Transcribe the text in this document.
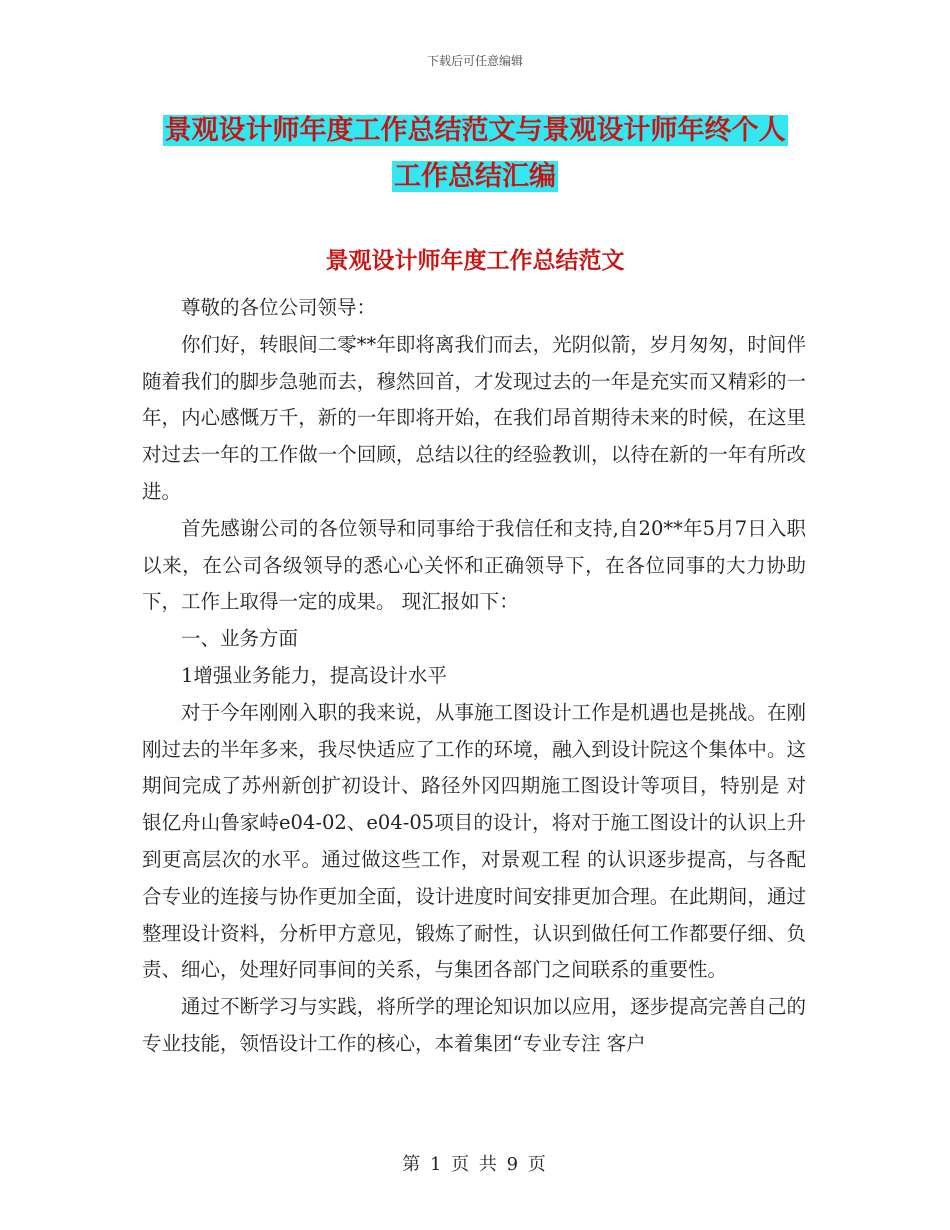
下载后可任意编辑
景观设计师年度工作总结范文与景观设计师年终个人
工作总结汇编
景观设计师年度工作总结范文

尊敬的各位公司领导：

你们好，转眼间二零**年即将离我们而去，光阴似箭，岁月匆匆，时间伴随着我们的脚步急驰而去，穆然回首，才发现过去的一年是充实而又精彩的一年，内心感慨万千，新的一年即将开始，在我们昂首期待未来的时候，在这里对过去一年的工作做一个回顾，总结以往的经验教训，以待在新的一年有所改进。

首先感谢公司的各位领导和同事给于我信任和支持,自20**年5月7日入职以来，在公司各级领导的悉心心关怀和正确领导下，在各位同事的大力协助下，工作上取得一定的成果。 现汇报如下：

一、业务方面

1增强业务能力，提高设计水平

对于今年刚刚入职的我来说，从事施工图设计工作是机遇也是挑战。在刚刚过去的半年多来，我尽快适应了工作的环境，融入到设计院这个集体中。这期间完成了苏州新创扩初设计、路径外冈四期施工图设计等项目，特别是 对银亿舟山鲁家峙e04-02、e04-05项目的设计，将对于施工图设计的认识上升到更高层次的水平。通过做这些工作，对景观工程 的认识逐步提高，与各配合专业的连接与协作更加全面，设计进度时间安排更加合理。在此期间，通过整理设计资料，分析甲方意见，锻炼了耐性，认识到做任何工作都要仔细、负责、细心，处理好同事间的关系，与集团各部门之间联系的重要性。

通过不断学习与实践，将所学的理论知识加以应用，逐步提高完善自己的专业技能，领悟设计工作的核心，本着集团“专业专注 客户

第 1 页 共 9 页
